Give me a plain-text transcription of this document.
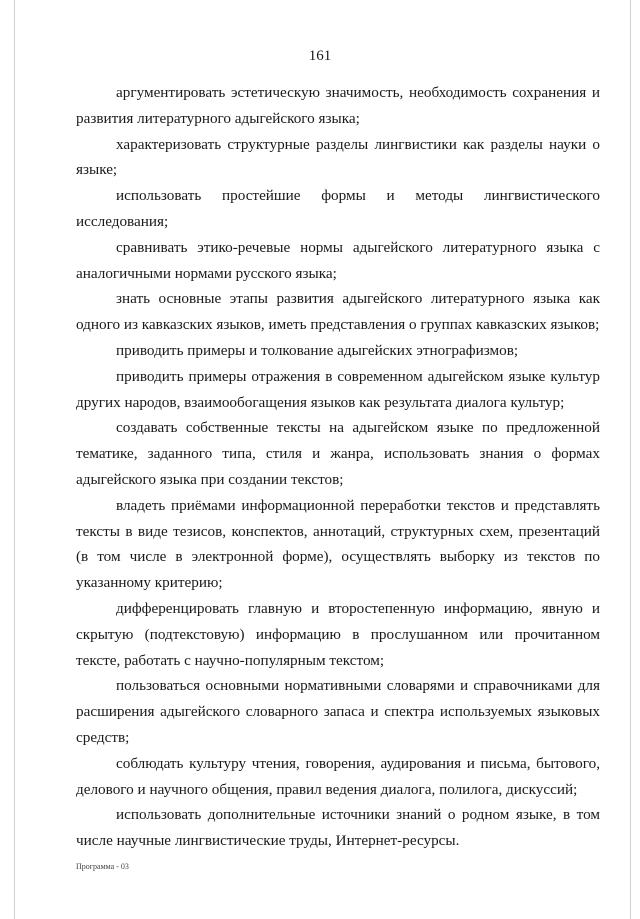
161

аргументировать эстетическую значимость, необходимость сохранения и развития литературного адыгейского языка;

характеризовать структурные разделы лингвистики как разделы науки о языке;

использовать простейшие формы и методы лингвистического исследования;

сравнивать этико-речевые нормы адыгейского литературного языка с аналогичными нормами русского языка;

знать основные этапы развития адыгейского литературного языка как одного из кавказских языков, иметь представления о группах кавказских языков;

приводить примеры и толкование адыгейских этнографизмов;

приводить примеры отражения в современном адыгейском языке культур других народов, взаимообогащения языков как результата диалога культур;

создавать собственные тексты на адыгейском языке по предложенной тематике, заданного типа, стиля и жанра, использовать знания о формах адыгейского языка при создании текстов;

владеть приёмами информационной переработки текстов и представлять тексты в виде тезисов, конспектов, аннотаций, структурных схем, презентаций (в том числе в электронной форме), осуществлять выборку из текстов по указанному критерию;

дифференцировать главную и второстепенную информацию, явную и скрытую (подтекстовую) информацию в прослушанном или прочитанном тексте, работать с научно-популярным текстом;

пользоваться основными нормативными словарями и справочниками для расширения адыгейского словарного запаса и спектра используемых языковых средств;

соблюдать культуру чтения, говорения, аудирования и письма, бытового, делового и научного общения, правил ведения диалога, полилога, дискуссий;

использовать дополнительные источники знаний о родном языке, в том числе научные лингвистические труды, Интернет-ресурсы.

Программа - 03
